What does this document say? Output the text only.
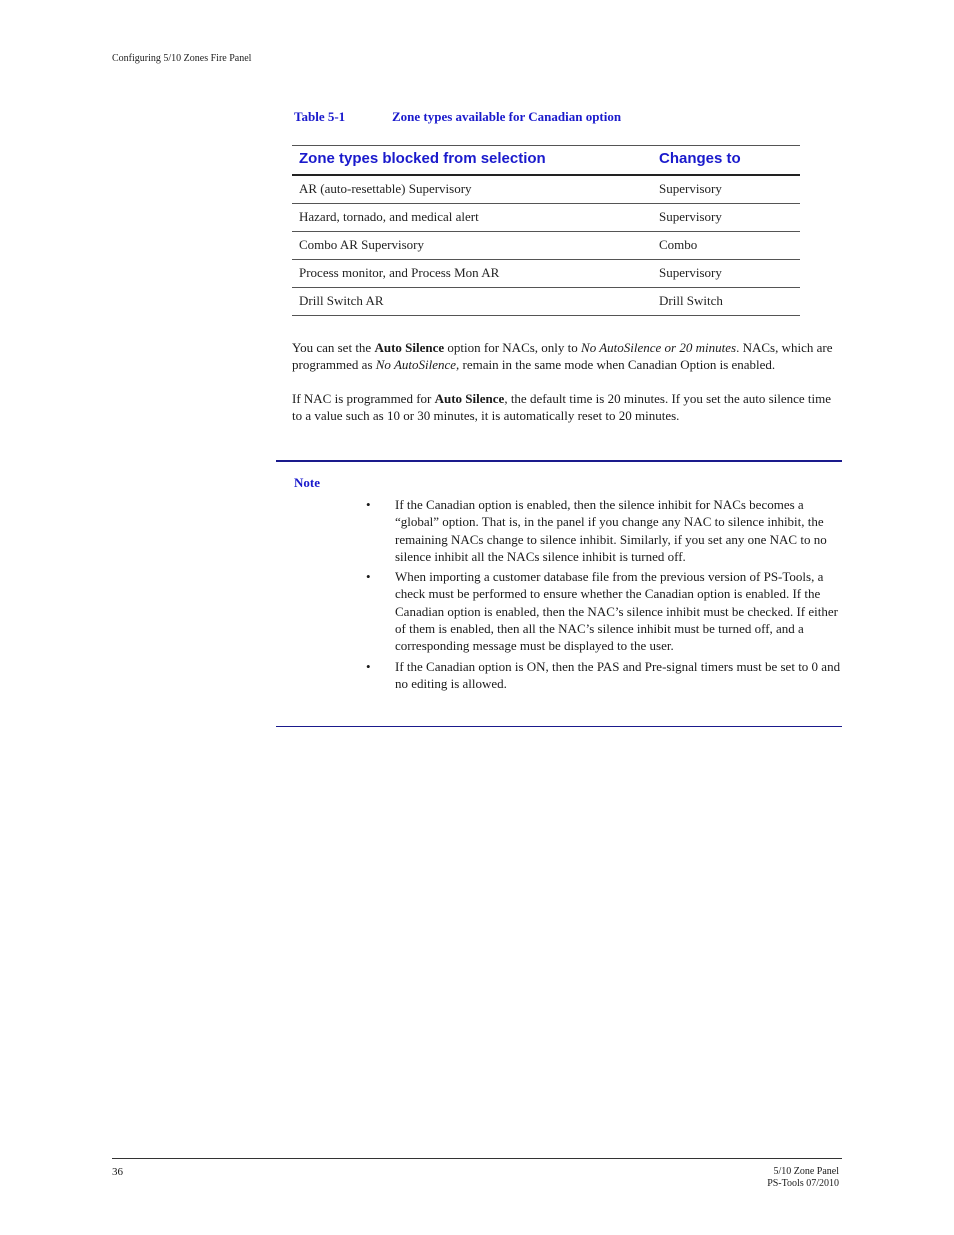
Configuring 5/10 Zones Fire Panel
Table 5-1	Zone types available for Canadian option
Zone types blocked from selection	Changes to
AR (auto-resettable) Supervisory	Supervisory
Hazard, tornado, and medical alert	Supervisory
Combo AR Supervisory	Combo
Process monitor, and Process Mon AR	Supervisory
Drill Switch AR	Drill Switch
You can set the Auto Silence option for NACs, only to No AutoSilence or 20 minutes. NACs, which are programmed as No AutoSilence, remain in the same mode when Canadian Option is enabled.
If NAC is programmed for Auto Silence, the default time is 20 minutes. If you set the auto silence time to a value such as 10 or 30 minutes, it is automatically reset to 20 minutes.
Note
• If the Canadian option is enabled, then the silence inhibit for NACs becomes a “global” option. That is, in the panel if you change any NAC to silence inhibit, the remaining NACs change to silence inhibit. Similarly, if you set any one NAC to no silence inhibit all the NACs silence inhibit is turned off.
• When importing a customer database file from the previous version of PS-Tools, a check must be performed to ensure whether the Canadian option is enabled. If the Canadian option is enabled, then the NAC’s silence inhibit must be checked. If either of them is enabled, then all the NAC’s silence inhibit must be turned off, and a corresponding message must be displayed to the user.
• If the Canadian option is ON, then the PAS and Pre-signal timers must be set to 0 and no editing is allowed.
36	5/10 Zone Panel
PS-Tools 07/2010
